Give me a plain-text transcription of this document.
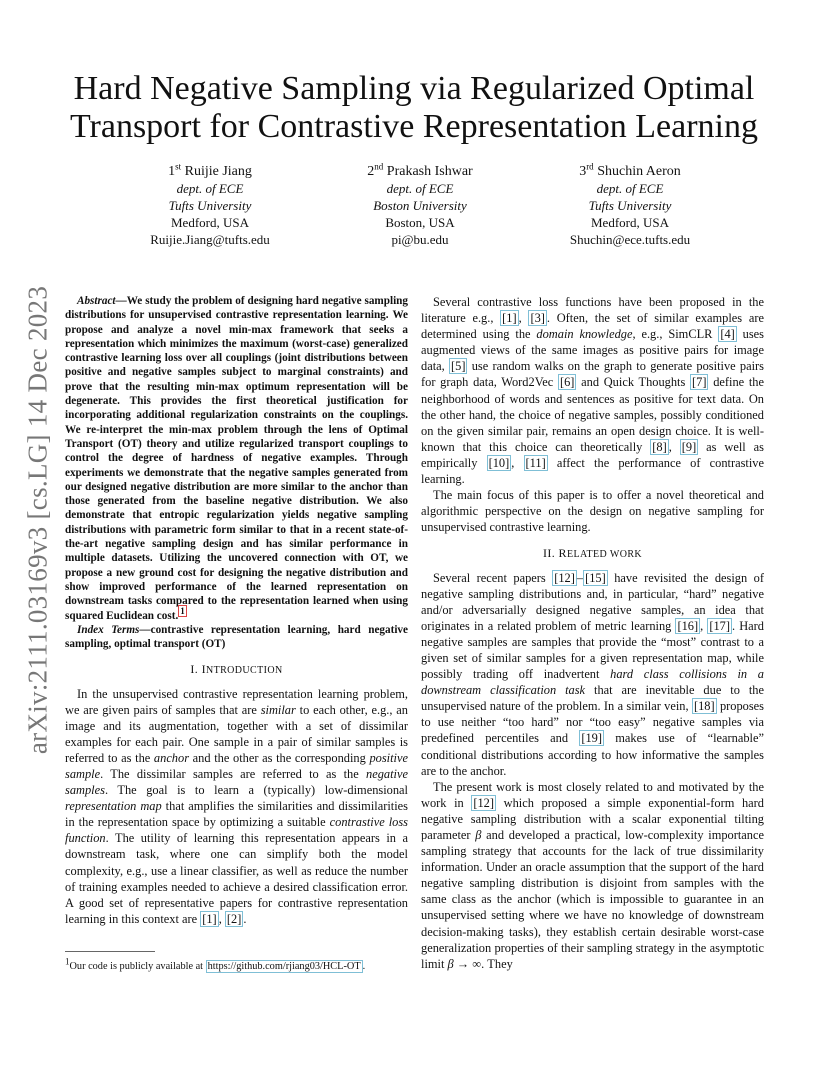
arXiv:2111.03169v3 [cs.LG] 14 Dec 2023
Hard Negative Sampling via Regularized Optimal
Transport for Contrastive Representation Learning
1st Ruijie Jiang
dept. of ECE
Tufts University
Medford, USA
Ruijie.Jiang@tufts.edu
2nd Prakash Ishwar
dept. of ECE
Boston University
Boston, USA
pi@bu.edu
3rd Shuchin Aeron
dept. of ECE
Tufts University
Medford, USA
Shuchin@ece.tufts.edu

Abstract—We study the problem of designing hard negative sampling distributions for unsupervised contrastive representation learning. We propose and analyze a novel min-max framework that seeks a representation which minimizes the maximum (worst-case) generalized contrastive learning loss over all couplings (joint distributions between positive and negative samples subject to marginal constraints) and prove that the resulting min-max optimum representation will be degenerate. This provides the first theoretical justification for incorporating additional regularization constraints on the couplings. We re-interpret the min-max problem through the lens of Optimal Transport (OT) theory and utilize regularized transport couplings to control the degree of hardness of negative examples. Through experiments we demonstrate that the negative samples generated from our designed negative distribution are more similar to the anchor than those generated from the baseline negative distribution. We also demonstrate that entropic regularization yields negative sampling distributions with parametric form similar to that in a recent state-of-the-art negative sampling design and has similar performance in multiple datasets. Utilizing the uncovered connection with OT, we propose a new ground cost for designing the negative distribution and show improved performance of the learned representation on downstream tasks compared to the representation learned when using squared Euclidean cost. $^1$

Index Terms—contrastive representation learning, hard negative sampling, optimal transport (OT)

I. INTRODUCTION

In the unsupervised contrastive representation learning problem, we are given pairs of samples that are similar to each other, e.g., an image and its augmentation, together with a set of dissimilar examples for each pair. One sample in a pair of similar samples is referred to as the anchor and the other as the corresponding positive sample. The dissimilar samples are referred to as the negative samples. The goal is to learn a (typically) low-dimensional representation map that amplifies the similarities and dissimilarities in the representation space by optimizing a suitable contrastive loss function. The utility of learning this representation appears in a downstream task, where one can simplify both the model complexity, e.g., use a linear classifier, as well as reduce the number of training examples needed to achieve a desired classification error. A good set of representative papers for contrastive representation learning in this context are [1] , [2] .

$^1$Our code is publicly available at https://github.com/rjiang03/HCL-OT .

Several contrastive loss functions have been proposed in the literature e.g., [1] , [3] . Often, the set of similar examples are determined using the domain knowledge, e.g., SimCLR [4] uses augmented views of the same images as positive pairs for image data, [5] use random walks on the graph to generate positive pairs for graph data, Word2Vec [6] and Quick Thoughts [7] define the neighborhood of words and sentences as positive for text data. On the other hand, the choice of negative samples, possibly conditioned on the given similar pair, remains an open design choice. It is well-known that this choice can theoretically [8] , [9] as well as empirically [10] , [11] affect the performance of contrastive learning.

The main focus of this paper is to offer a novel theoretical and algorithmic perspective on the design on negative sampling for unsupervised contrastive learning.

II. RELATED WORK

Several recent papers [12] – [15] have revisited the design of negative sampling distributions and, in particular, “hard” negative and/or adversarially designed negative samples, an idea that originates in a related problem of metric learning [16] , [17] . Hard negative samples are samples that provide the “most” contrast to a given set of similar samples for a given representation map, while possibly trading off inadvertent hard class collisions in a downstream classification task that are inevitable due to the unsupervised nature of the problem. In a similar vein, [18] proposes to use neither “too hard” nor “too easy” negative samples via predefined percentiles and [19] makes use of “learnable” conditional distributions according to how informative the samples are to the anchor.

The present work is most closely related to and motivated by the work in [12] which proposed a simple exponential-form hard negative sampling distribution with a scalar exponential tilting parameter β and developed a practical, low-complexity importance sampling strategy that accounts for the lack of true dissimilarity information. Under an oracle assumption that the support of the hard negative sampling distribution is disjoint from samples with the same class as the anchor (which is impossible to guarantee in an unsupervised setting where we have no knowledge of downstream decision-making tasks), they establish certain desirable worst-case generalization properties of their sampling strategy in the asymptotic limit β → ∞. They
